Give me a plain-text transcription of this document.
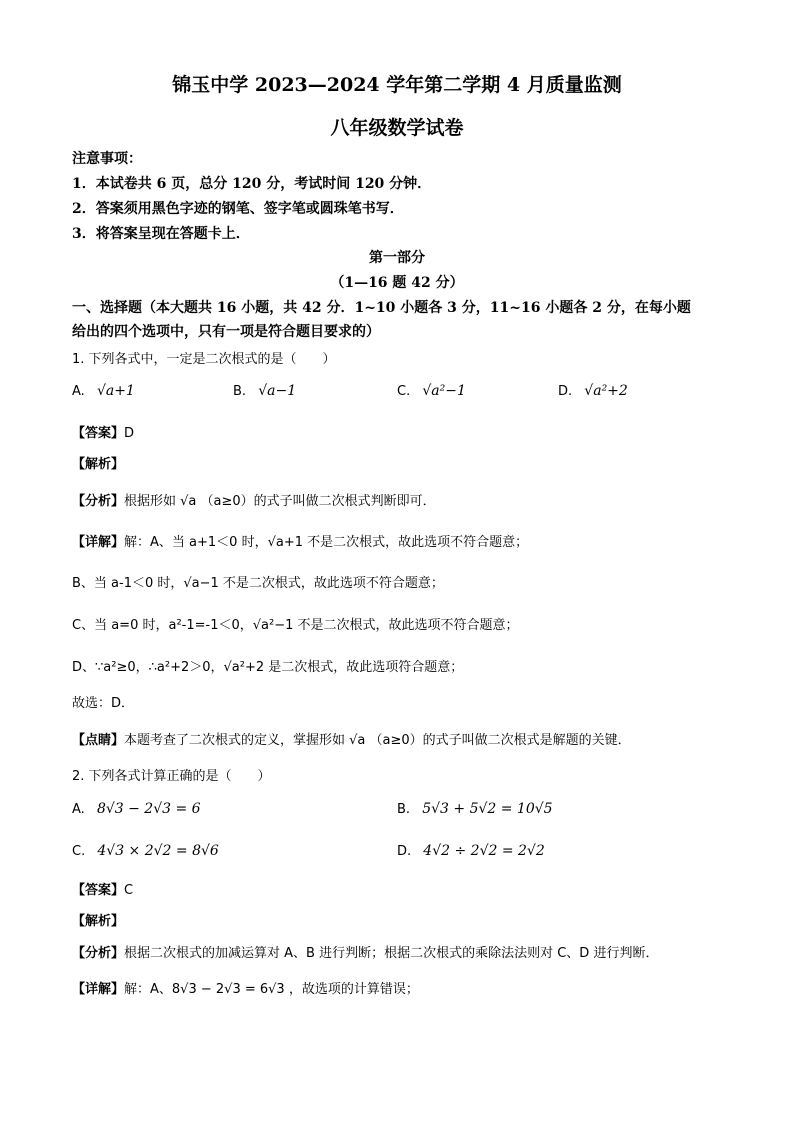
锦玉中学 2023—2024 学年第二学期 4 月质量监测
八年级数学试卷
注意事项：
1．本试卷共 6 页，总分 120 分，考试时间 120 分钟．
2．答案须用黑色字迹的钢笔、签字笔或圆珠笔书写．
3．将答案呈现在答题卡上．
第一部分
（1—16 题 42 分）
一、选择题（本大题共 16 小题，共 42 分．1~10 小题各 3 分，11~16 小题各 2 分，在每小题
给出的四个选项中，只有一项是符合题目要求的）
1. 下列各式中，一定是二次根式的是（　　）
A. √a+1	B. √a−1	C. √a²−1	D. √a²+2
【答案】D
【解析】
【分析】根据形如 √a （a≥0）的式子叫做二次根式判断即可．
【详解】解：A、当 a+1＜0 时，√a+1 不是二次根式，故此选项不符合题意；
B、当 a-1＜0 时，√a−1 不是二次根式，故此选项不符合题意；
C、当 a=0 时，a²-1=-1＜0，√a²−1 不是二次根式，故此选项不符合题意；
D、∵a²≥0，∴a²+2＞0，√a²+2 是二次根式，故此选项符合题意；
故选：D．
【点睛】本题考查了二次根式的定义，掌握形如 √a （a≥0）的式子叫做二次根式是解题的关键．
2. 下列各式计算正确的是（　　）
A. 8√3 − 2√3 = 6	B. 5√3 + 5√2 = 10√5
C. 4√3 × 2√2 = 8√6	D. 4√2 ÷ 2√2 = 2√2
【答案】C
【解析】
【分析】根据二次根式的加减运算对 A、B 进行判断；根据二次根式的乘除法法则对 C、D 进行判断．
【详解】解：A、8√3 − 2√3 = 6√3 ，故选项的计算错误；
